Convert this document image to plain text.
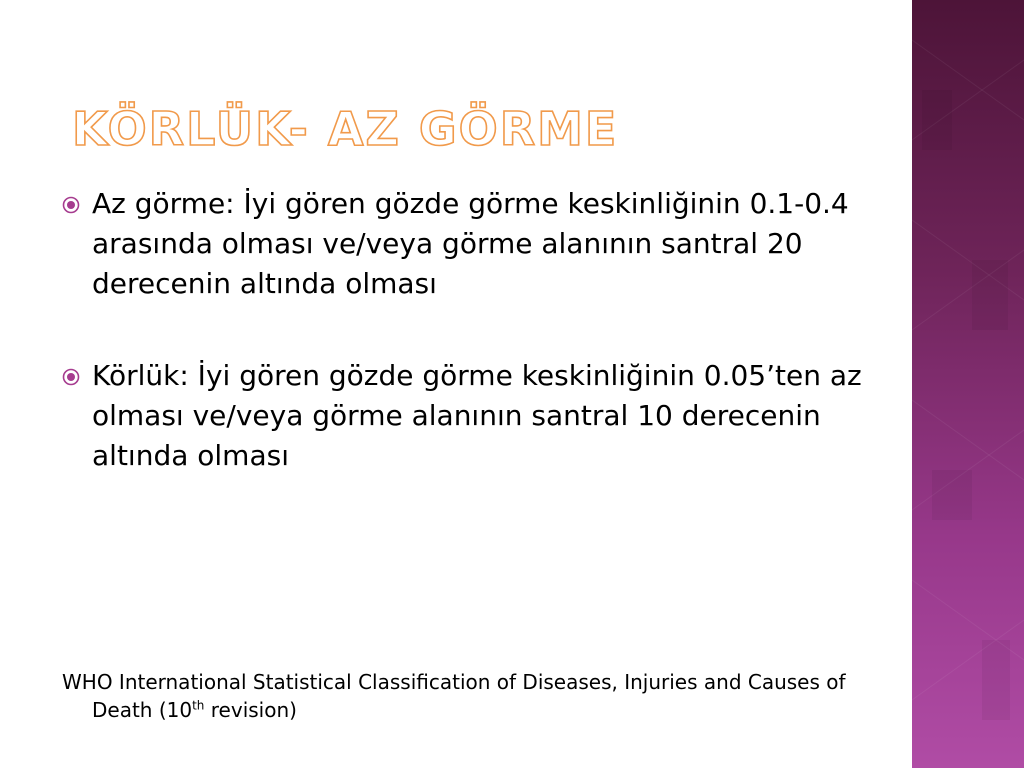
KÖRLÜK- AZ GÖRME
Az görme: İyi gören gözde görme keskinliğinin 0.1-0.4 arasında olması ve/veya görme alanının santral 20 derecenin altında olması
Körlük: İyi gören gözde görme keskinliğinin 0.05’ten az olması ve/veya görme alanının santral 10 derecenin altında olması

WHO International Statistical Classification of Diseases, Injuries and Causes of Death (10th revision)
